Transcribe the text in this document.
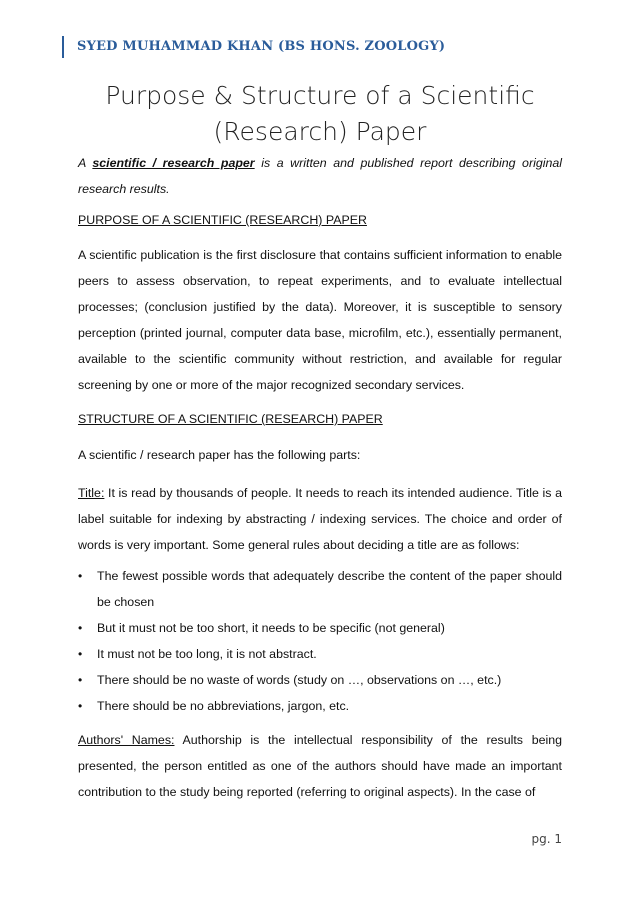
SYED MUHAMMAD KHAN (BS HONS. ZOOLOGY)
Purpose & Structure of a Scientific
(Research) Paper
A scientific / research paper is a written and published report describing original research results.
PURPOSE OF A SCIENTIFIC (RESEARCH) PAPER
A scientific publication is the first disclosure that contains sufficient information to enable peers to assess observation, to repeat experiments, and to evaluate intellectual processes; (conclusion justified by the data). Moreover, it is susceptible to sensory perception (printed journal, computer data base, microfilm, etc.), essentially permanent, available to the scientific community without restriction, and available for regular screening by one or more of the major recognized secondary services.
STRUCTURE OF A SCIENTIFIC (RESEARCH) PAPER
A scientific / research paper has the following parts:
Title: It is read by thousands of people. It needs to reach its intended audience. Title is a label suitable for indexing by abstracting / indexing services. The choice and order of words is very important. Some general rules about deciding a title are as follows:
• The fewest possible words that adequately describe the content of the paper should be chosen
• But it must not be too short, it needs to be specific (not general)
• It must not be too long, it is not abstract.
• There should be no waste of words (study on …, observations on …, etc.)
• There should be no abbreviations, jargon, etc.
Authors' Names: Authorship is the intellectual responsibility of the results being presented, the person entitled as one of the authors should have made an important contribution to the study being reported (referring to original aspects). In the case of
pg. 1
